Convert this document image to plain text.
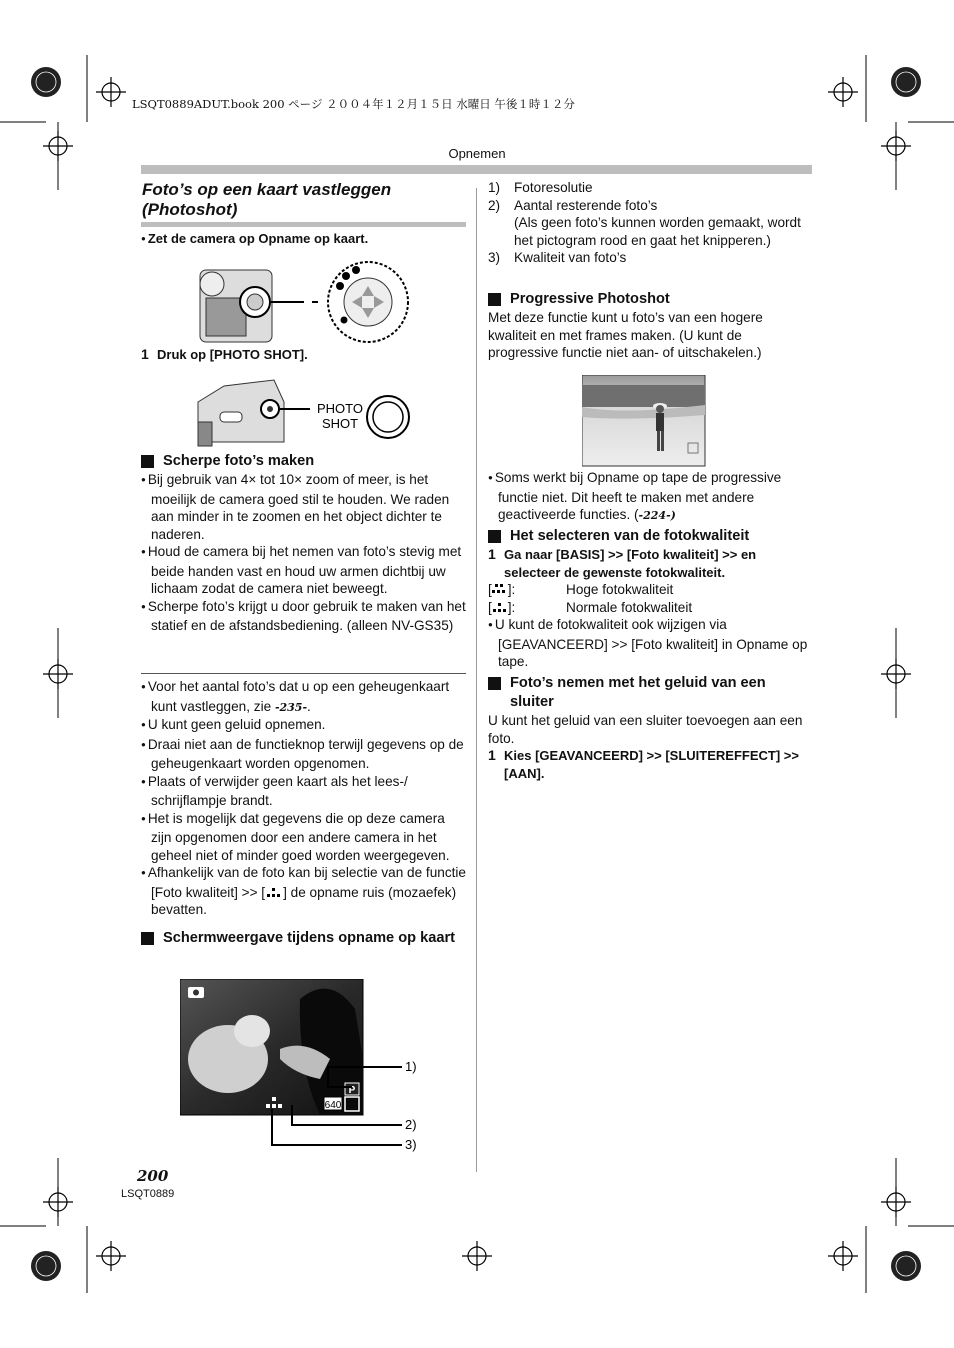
LSQT0889ADUT.book 200 ページ ２００４年１２月１５日 水曜日 午後１時１２分
Opnemen
Foto’s op een kaart vastleggen (Photoshot)
● Zet de camera op Opname op kaart.
1 Druk op [PHOTO SHOT].
PHOTO
SHOT
Scherpe foto’s maken
● Bij gebruik van 4× tot 10× zoom of meer, is het moeilijk de camera goed stil te houden. We raden aan minder in te zoomen en het object dichter te naderen.
● Houd de camera bij het nemen van foto’s stevig met beide handen vast en houd uw armen dichtbij uw lichaam zodat de camera niet beweegt.
● Scherpe foto’s krijgt u door gebruik te maken van het statief en de afstandsbediening. (alleen NV-GS35)
● Voor het aantal foto’s dat u op een geheugenkaart kunt vastleggen, zie -235-.
● U kunt geen geluid opnemen.
● Draai niet aan de functieknop terwijl gegevens op de geheugenkaart worden opgenomen.
● Plaats of verwijder geen kaart als het lees-/ schrijflampje brandt.
● Het is mogelijk dat gegevens die op deze camera zijn opgenomen door een andere camera in het geheel niet of minder goed worden weergegeven.
● Afhankelijk van de foto kan bij selectie van de functie [Foto kwaliteit] >> [ ] de opname ruis (mozaefek) bevatten.
Schermweergave tijdens opname op kaart
P
640
1)
2)
3)
1) Fotoresolutie
2) Aantal resterende foto’s
(Als geen foto’s kunnen worden gemaakt, wordt het pictogram rood en gaat het knipperen.)
3) Kwaliteit van foto’s
Progressive Photoshot
Met deze functie kunt u foto’s van een hogere kwaliteit en met frames maken. (U kunt de progressive functie niet aan- of uitschakelen.)
● Soms werkt bij Opname op tape de progressive functie niet. Dit heeft te maken met andere geactiveerde functies. (-224-)
Het selecteren van de fotokwaliteit
1 Ga naar [BASIS] >> [Foto kwaliteit] >> en selecteer de gewenste fotokwaliteit.
[ ]:	Hoge fotokwaliteit
[ ]:	Normale fotokwaliteit
● U kunt de fotokwaliteit ook wijzigen via [GEAVANCEERD] >> [Foto kwaliteit] in Opname op tape.
Foto’s nemen met het geluid van een sluiter
U kunt het geluid van een sluiter toevoegen aan een foto.
1 Kies [GEAVANCEERD] >> [SLUITEREFFECT] >> [AAN].
200
LSQT0889
